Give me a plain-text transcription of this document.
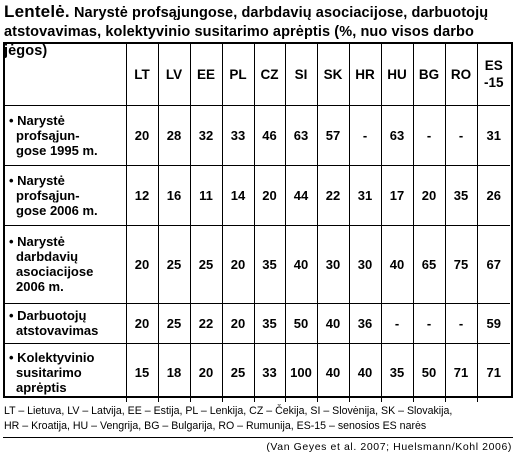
Lentelė. Narystė profsąjungose, darbdavių asociacijose, darbuotojų atstovavimas, kolektyvinio susitarimo aprėptis (%, nuo visos darbo jėgos)
	LT	LV	EE	PL	CZ	SI	SK	HR	HU	BG	RO	ES-15

• Narystė
profsąjun-
gose 1995 m.	20	28	32	33	46	63	57	-	63	-	-	31

• Narystė
profsąjun-
gose 2006 m.	12	16	11	14	20	44	22	31	17	20	35	26

• Narystė
darbdavių
asociacijose
2006 m.	20	25	25	20	35	40	30	30	40	65	75	67

• Darbuotojų
atstovavimas	20	25	22	20	35	50	40	36	-	-	-	59

• Kolektyvinio
susitarimo
aprėptis	15	18	20	25	33	100	40	40	35	50	71	71
LT – Lietuva, LV – Latvija, EE – Estija, PL – Lenkija, CZ – Čekija, SI – Slovėnija, SK – Slovakija,
HR – Kroatija, HU – Vengrija, BG – Bulgarija, RO – Rumunija, ES-15 – senosios ES narės
(Van Geyes et al. 2007; Huelsmann/Kohl 2006)
